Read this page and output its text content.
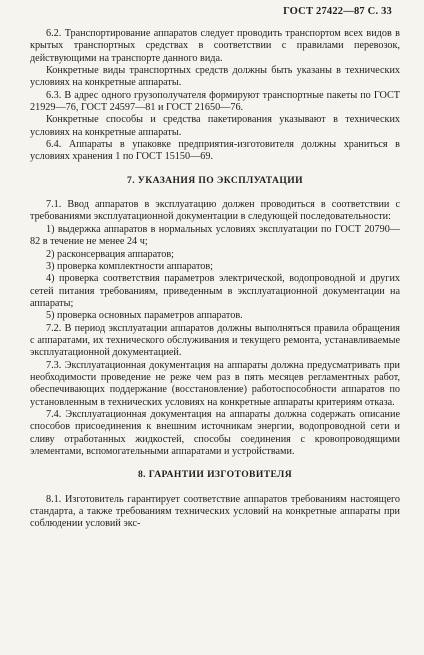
ГОСТ 27422—87 С. 33

6.2. Транспортирование аппаратов следует проводить транспортом всех видов в крытых транспортных средствах в соответствии с правилами перевозок, действующими на транспорте данного вида.

Конкретные виды транспортных средств должны быть указаны в технических условиях на конкретные аппараты.

6.3. В адрес одного грузополучателя формируют транспортные пакеты по ГОСТ 21929—76, ГОСТ 24597—81 и ГОСТ 21650—76.

Конкретные способы и средства пакетирования указывают в технических условиях на конкретные аппараты.

6.4. Аппараты в упаковке предприятия-изготовителя должны храниться в условиях хранения 1 по ГОСТ 15150—69.

7. УКАЗАНИЯ ПО ЭКСПЛУАТАЦИИ

7.1. Ввод аппаратов в эксплуатацию должен проводиться в соответствии с требованиями эксплуатационной документации в следующей последовательности:

1) выдержка аппаратов в нормальных условиях эксплуатации по ГОСТ 20790—82 в течение не менее 24 ч;

2) расконсервация аппаратов;

3) проверка комплектности аппаратов;

4) проверка соответствия параметров электрической, водопроводной и других сетей питания требованиям, приведенным в эксплуатационной документации на аппараты;

5) проверка основных параметров аппаратов.

7.2. В период эксплуатации аппаратов должны выполняться правила обращения с аппаратами, их технического обслуживания и текущего ремонта, устанавливаемые эксплуатационной документацией.

7.3. Эксплуатационная документация на аппараты должна предусматривать при необходимости проведение не реже чем раз в пять месяцев регламентных работ, обеспечивающих поддержание (восстановление) работоспособности аппаратов по установленным в технических условиях на конкретные аппараты критериям отказа.

7.4. Эксплуатационная документация на аппараты должна содержать описание способов присоединения к внешним источникам энергии, водопроводной сети и сливу отработанных жидкостей, способы соединения с кровопроводящими элементами, вспомогательными аппаратами и устройствами.

8. ГАРАНТИИ ИЗГОТОВИТЕЛЯ

8.1. Изготовитель гарантирует соответствие аппаратов требованиям настоящего стандарта, а также требованиям технических условий на конкретные аппараты при соблюдении условий экс-
